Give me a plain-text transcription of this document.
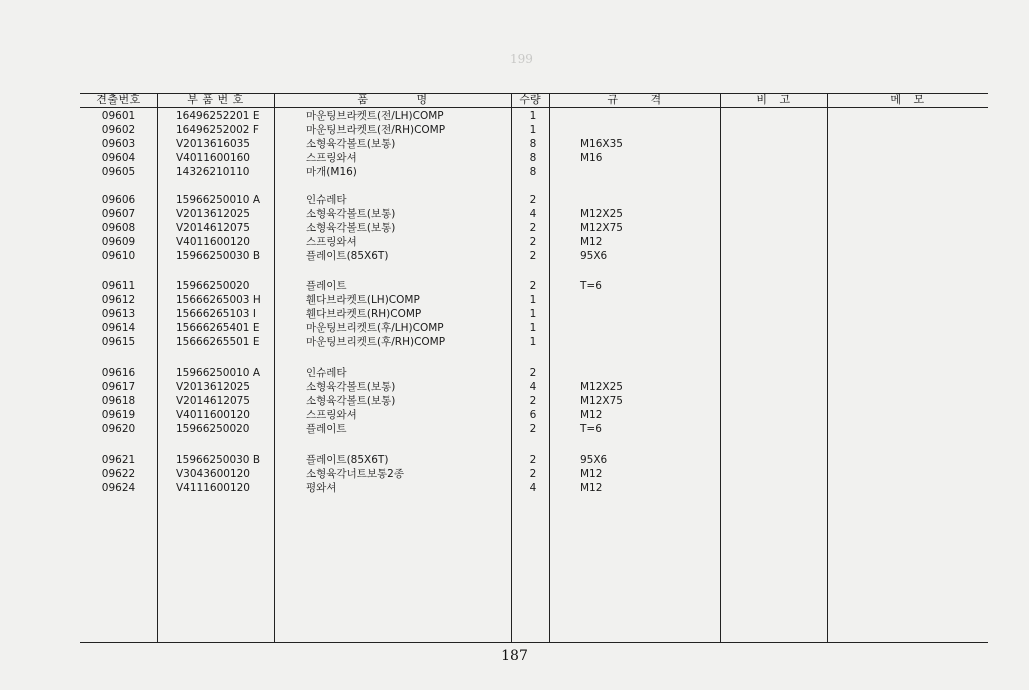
199

견출번호	부 품 번 호	품            명	수량	규        격	비   고	메   모
09601	16496252201 E	마운팅브라켓트(전/LH)COMP	1
09602	16496252002 F	마운팅브라켓트(전/RH)COMP	1
09603	V2013616035	소형육각볼트(보통)	8	M16X35
09604	V4011600160	스프링와셔	8	M16
09605	14326210110	마개(M16)	8
09606	15966250010 A	인슈레타	2
09607	V2013612025	소형육각볼트(보통)	4	M12X25
09608	V2014612075	소형육각볼트(보통)	2	M12X75
09609	V4011600120	스프링와셔	2	M12
09610	15966250030 B	플레이트(85X6T)	2	95X6
09611	15966250020	플레이트	2	T=6
09612	15666265003 H	휀다브라켓트(LH)COMP	1
09613	15666265103 I	휀다브라켓트(RH)COMP	1
09614	15666265401 E	마운팅브리켓트(후/LH)COMP	1
09615	15666265501 E	마운팅브리켓트(후/RH)COMP	1
09616	15966250010 A	인슈레타	2
09617	V2013612025	소형육각볼트(보통)	4	M12X25
09618	V2014612075	소형육각볼트(보통)	2	M12X75
09619	V4011600120	스프링와셔	6	M12
09620	15966250020	플레이트	2	T=6
09621	15966250030 B	플레이트(85X6T)	2	95X6
09622	V3043600120	소형육각너트보통2종	2	M12
09624	V4111600120	평와셔	4	M12
187
